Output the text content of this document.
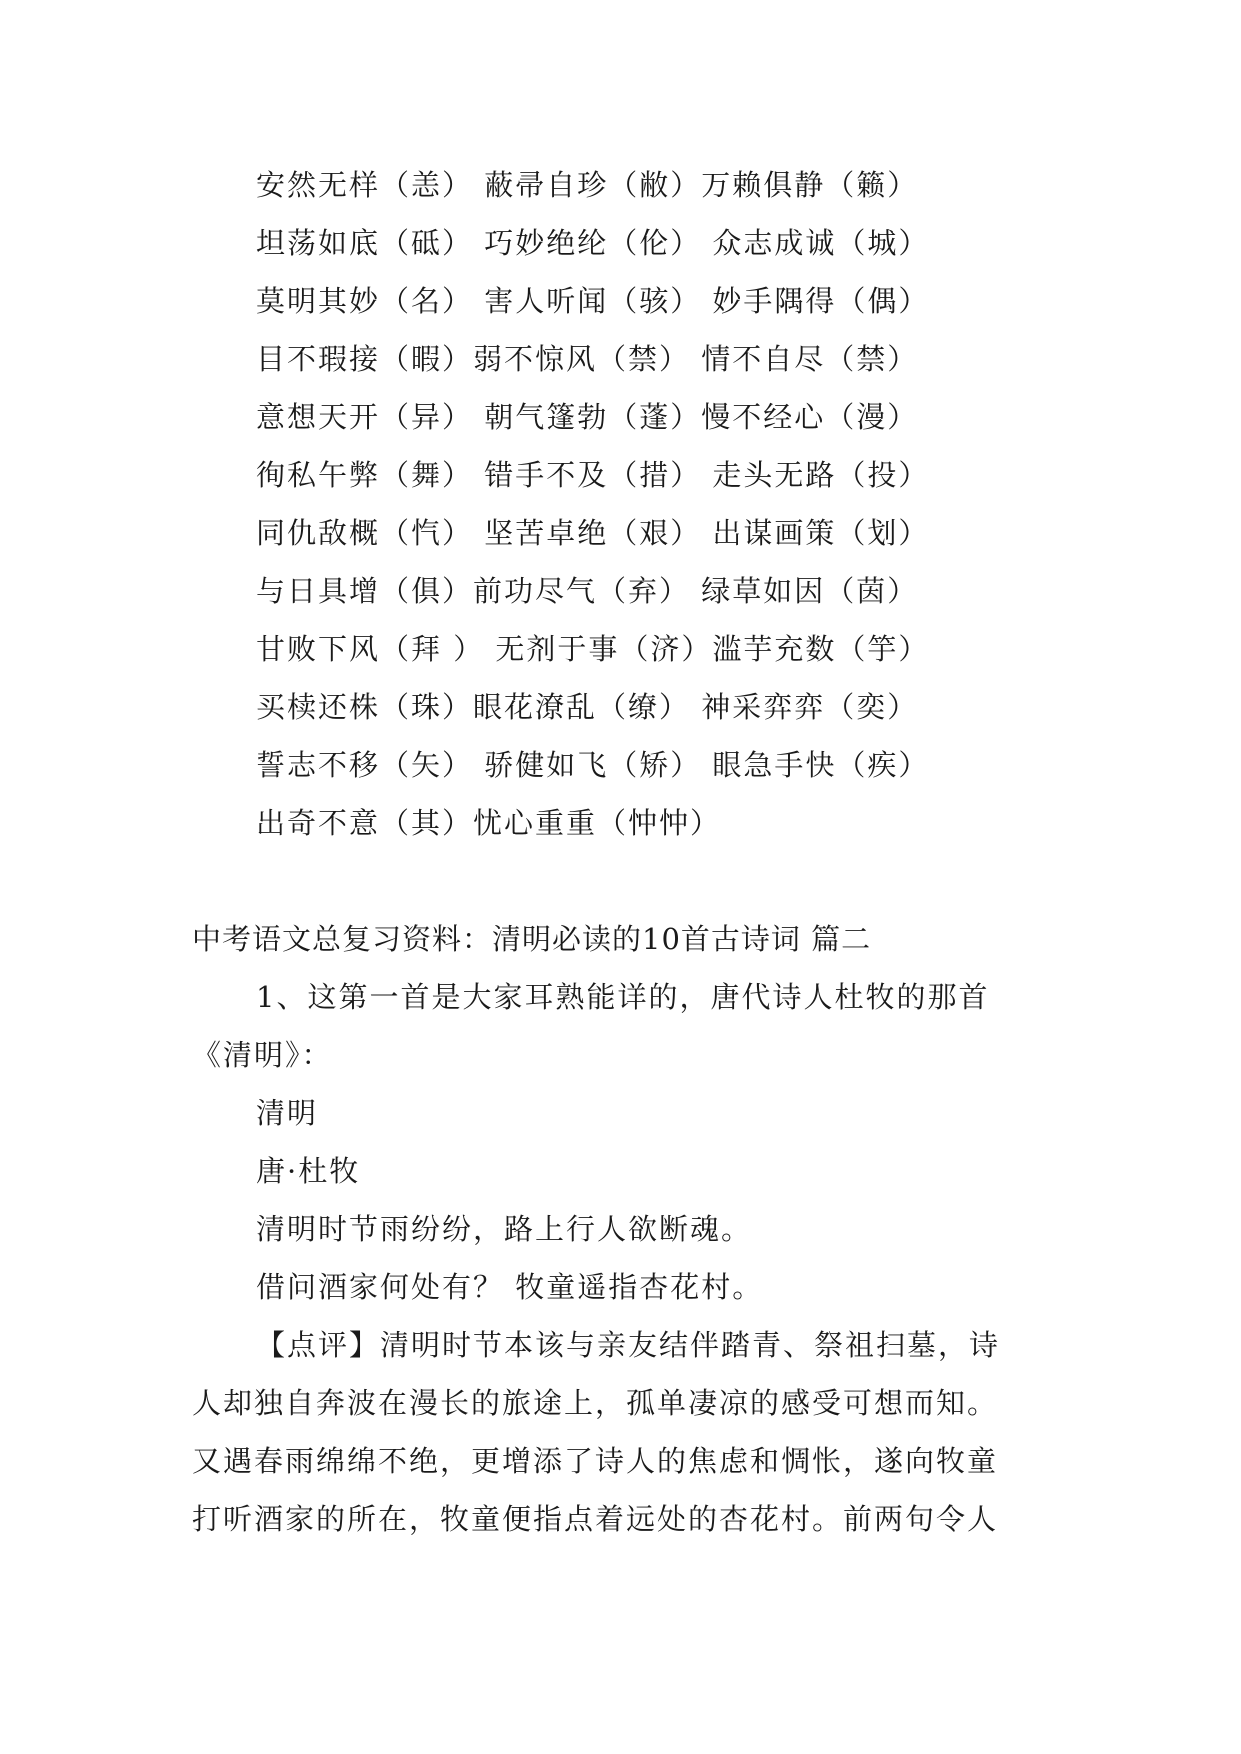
安然无样（恙） 蔽帚自珍（敝）万赖俱静（籁）
坦荡如底（砥） 巧妙绝纶（伦） 众志成诚（城）
莫明其妙（名） 害人听闻（骇） 妙手隅得（偶）
目不瑕接（暇）弱不惊风（禁） 情不自尽（禁）
意想天开（异） 朝气篷勃（蓬）慢不经心（漫）
徇私午弊（舞） 错手不及（措） 走头无路（投）
同仇敌概（忾） 坚苦卓绝（艰） 出谋画策（划）
与日具增（俱）前功尽气（弃） 绿草如因（茵）
甘败下风（拜 ） 无剂于事（济）滥芋充数（竽）
买椟还株（珠）眼花潦乱（缭） 神采弈弈（奕）
誓志不移（矢） 骄健如飞（矫） 眼急手快（疾）
出奇不意（其）忧心重重（忡忡）
中考语文总复习资料：清明必读的10首古诗词 篇二
1、这第一首是大家耳熟能详的，唐代诗人杜牧的那首
《清明》：
清明
唐·杜牧
清明时节雨纷纷，路上行人欲断魂。
借问酒家何处有？ 牧童遥指杏花村。
【点评】清明时节本该与亲友结伴踏青、祭祖扫墓，诗
人却独自奔波在漫长的旅途上，孤单凄凉的感受可想而知。
又遇春雨绵绵不绝，更增添了诗人的焦虑和惆怅，遂向牧童
打听酒家的所在，牧童便指点着远处的杏花村。前两句令人
